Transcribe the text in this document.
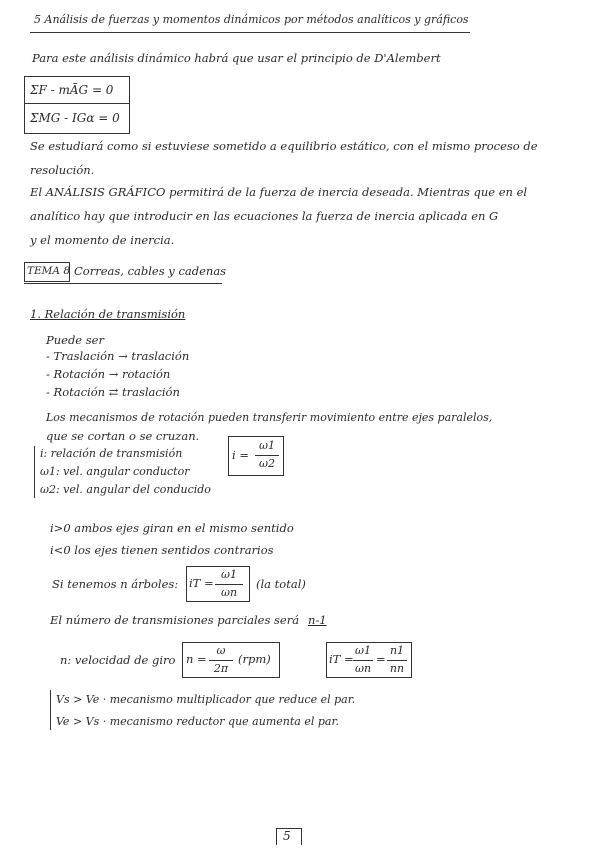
5 Análisis de fuerzas y momentos dinámicos por métodos analíticos y gráficos
Para este análisis dinámico habrá que usar el principio de D'Alembert
ΣF - mĀG = 0
ΣMG - IGα = 0
Se estudiará como si estuviese sometido a equilibrio estático, con el mismo proceso de
resolución.
El ANÁLISIS GRÁFICO permitirá de la fuerza de inercia deseada. Mientras que en el
analítico hay que introducir en las ecuaciones la fuerza de inercia aplicada en G
y el momento de inercia.
TEMA 8 Correas, cables y cadenas
1. Relación de transmisión
Puede ser
- Traslación → traslación
- Rotación → rotación
- Rotación ⇄ traslación
Los mecanismos de rotación pueden transferir movimiento entre ejes paralelos,
que se cortan o se cruzan.
i: relación de transmisión
ω1: vel. angular conductor
ω2: vel. angular del conducido
i =
ω1
ω2
i>0 ambos ejes giran en el mismo sentido
i<0 los ejes tienen sentidos contrarios
Si tenemos n árboles: iT =
ω1
ωn
(la total)
El número de transmisiones parciales será n-1
n: velocidad de giro n =
ω
2π
(rpm)	iT =
ω1
ωn
=
n1
nn
Vs > Ve · mecanismo multiplicador que reduce el par.
Ve > Vs · mecanismo reductor que aumenta el par.
5
